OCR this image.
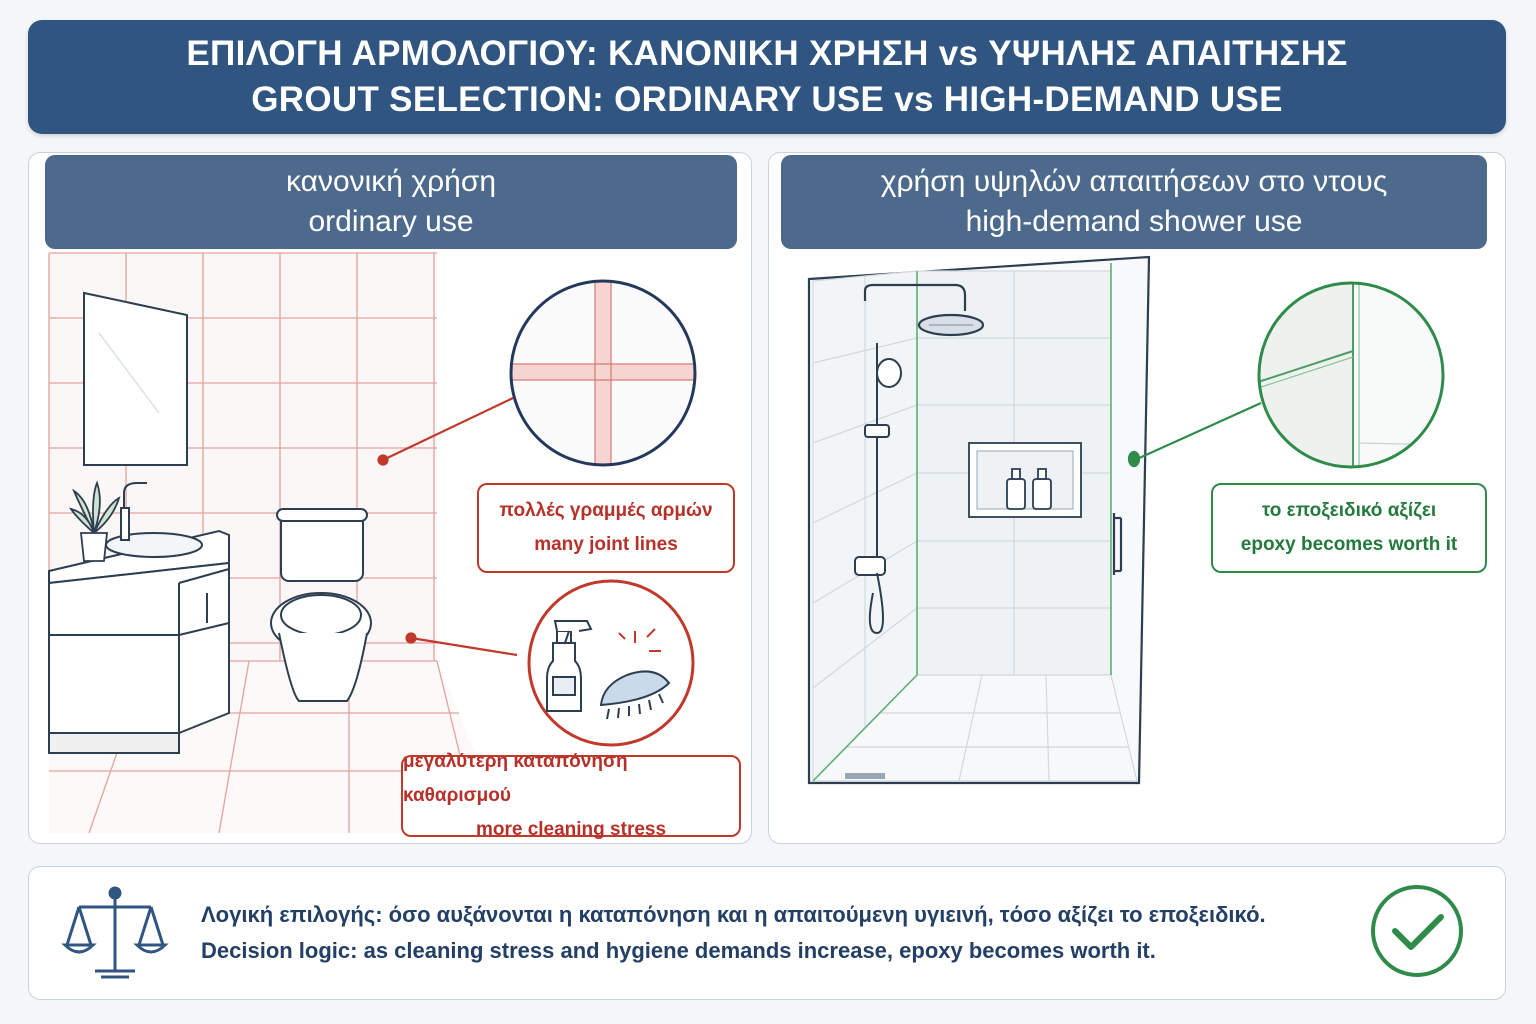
ΕΠΙΛΟΓΗ ΑΡΜΟΛΟΓΙΟΥ: ΚΑΝΟΝΙΚΗ ΧΡΗΣΗ vs ΥΨΗΛΗΣ ΑΠΑΙΤΗΣΗΣ
GROUT SELECTION: ORDINARY USE vs HIGH-DEMAND USE
κανονική χρήση
ordinary use
πολλές γραμμές αρμών
many joint lines
μεγαλύτερη καταπόνηση καθαρισμού
more cleaning stress
χρήση υψηλών απαιτήσεων στο ντους
high-demand shower use
το εποξειδικό αξίζει
epoxy becomes worth it
Λογική επιλογής: όσο αυξάνονται η καταπόνηση και η απαιτούμενη υγιεινή, τόσο αξίζει το εποξειδικό.
Decision logic: as cleaning stress and hygiene demands increase, epoxy becomes worth it.
